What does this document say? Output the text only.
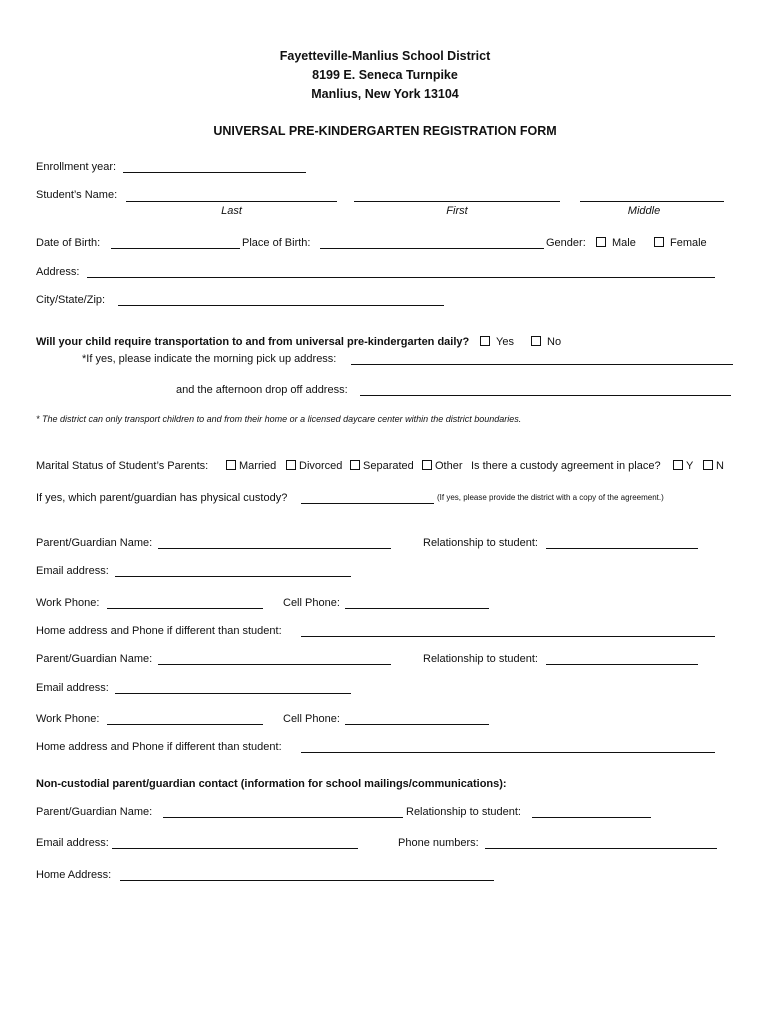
Fayetteville-Manlius School District
8199 E. Seneca Turnpike
Manlius, New York 13104
UNIVERSAL PRE-KINDERGARTEN REGISTRATION FORM
Enrollment year:
Student’s Name:
Last	First	Middle
Date of Birth:	Place of Birth:	Gender:	Male	Female
Address:
City/State/Zip:
Will your child require transportation to and from universal pre-kindergarten daily?	Yes	No
*If yes, please indicate the morning pick up address:
and the afternoon drop off address:
* The district can only transport children to and from their home or a licensed daycare center within the district boundaries.
Marital Status of Student’s Parents:	Married	Divorced	Separated	Other Is there a custody agreement in place?	Y	N
If yes, which parent/guardian has physical custody?	(If yes, please provide the district with a copy of the agreement.)
Parent/Guardian Name:	Relationship to student:
Email address:
Work Phone:	Cell Phone:
Home address and Phone if different than student:
Parent/Guardian Name:	Relationship to student:
Email address:
Work Phone:	Cell Phone:
Home address and Phone if different than student:
Non-custodial parent/guardian contact (information for school mailings/communications):
Parent/Guardian Name:	Relationship to student:
Email address:	Phone numbers:
Home Address:
